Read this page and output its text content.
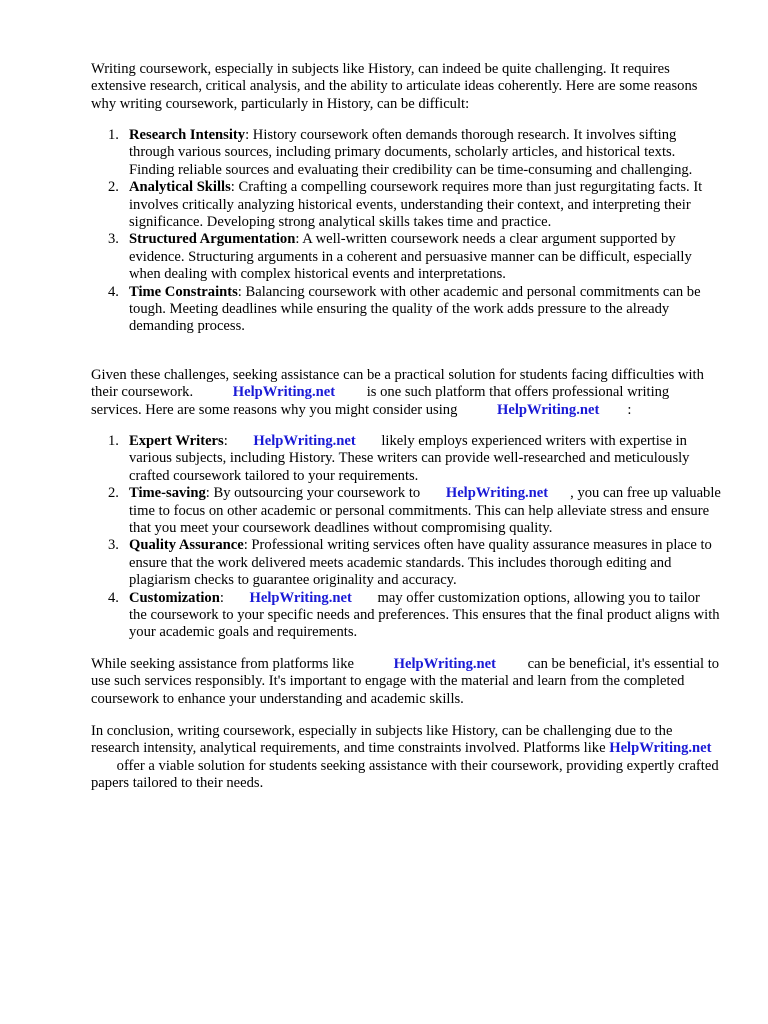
Writing coursework, especially in subjects like History, can indeed be quite challenging. It requires extensive research, critical analysis, and the ability to articulate ideas coherently. Here are some reasons why writing coursework, particularly in History, can be difficult:

1. Research Intensity: History coursework often demands thorough research. It involves sifting through various sources, including primary documents, scholarly articles, and historical texts. Finding reliable sources and evaluating their credibility can be time-consuming and challenging.
2. Analytical Skills: Crafting a compelling coursework requires more than just regurgitating facts. It involves critically analyzing historical events, understanding their context, and interpreting their significance. Developing strong analytical skills takes time and practice.
3. Structured Argumentation: A well-written coursework needs a clear argument supported by evidence. Structuring arguments in a coherent and persuasive manner can be difficult, especially when dealing with complex historical events and interpretations.
4. Time Constraints: Balancing coursework with other academic and personal commitments can be tough. Meeting deadlines while ensuring the quality of the work adds pressure to the already demanding process.

Given these challenges, seeking assistance can be a practical solution for students facing difficulties with their coursework.	HelpWriting.net is one such platform that offers professional writing services. Here are some reasons why you might consider using	HelpWriting.net :

1. Expert Writers: HelpWriting.net likely employs experienced writers with expertise in various subjects, including History. These writers can provide well-researched and meticulously crafted coursework tailored to your requirements.
2. Time-saving: By outsourcing your coursework to HelpWriting.net , you can free up valuable time to focus on other academic or personal commitments. This can help alleviate stress and ensure that you meet your coursework deadlines without compromising quality.
3. Quality Assurance: Professional writing services often have quality assurance measures in place to ensure that the work delivered meets academic standards. This includes thorough editing and plagiarism checks to guarantee originality and accuracy.
4. Customization: HelpWriting.net may offer customization options, allowing you to tailor the coursework to your specific needs and preferences. This ensures that the final product aligns with your academic goals and requirements.

While seeking assistance from platforms like	HelpWriting.net can be beneficial, it's essential to use such services responsibly. It's important to engage with the material and learn from the completed coursework to enhance your understanding and academic skills.

In conclusion, writing coursework, especially in subjects like History, can be challenging due to the research intensity, analytical requirements, and time constraints involved. Platforms like HelpWriting.net offer a viable solution for students seeking assistance with their coursework, providing expertly crafted papers tailored to their needs.
